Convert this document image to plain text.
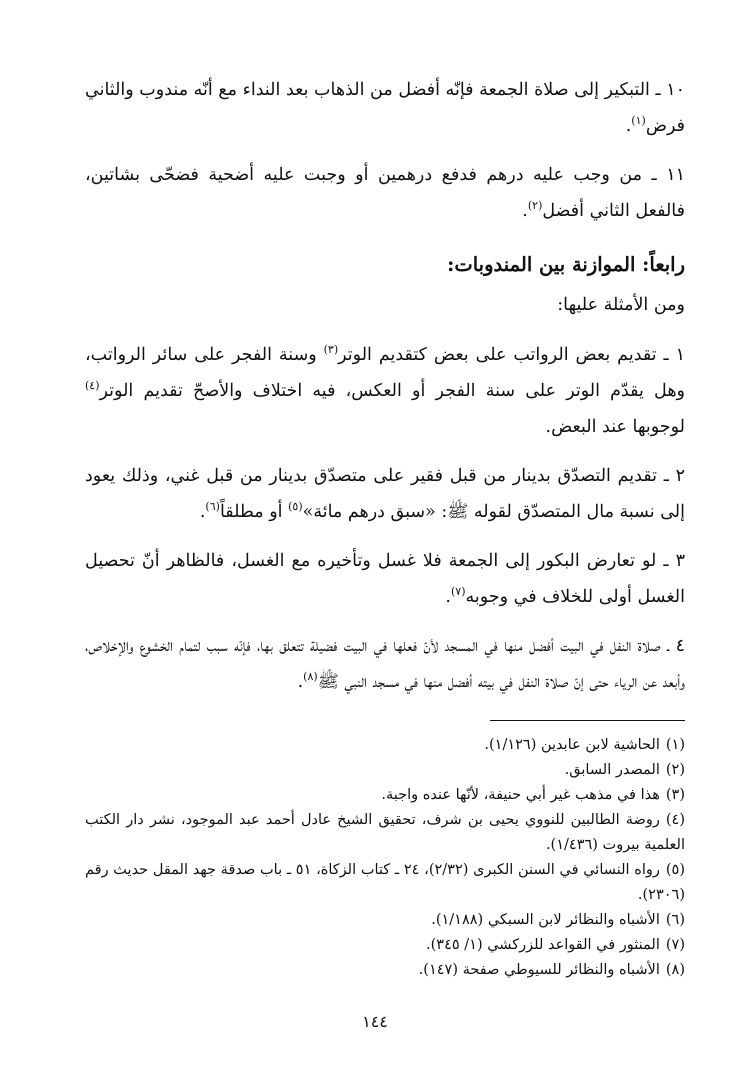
١٠ ـ التبكير إلى صلاة الجمعة فإنّه أفضل من الذهاب بعد النداء مع أنّه مندوب والثاني فرض$^{(١)}$.

١١ ـ من وجب عليه درهم فدفع درهمين أو وجبت عليه أضحية فضحّى بشاتين، فالفعل الثاني أفضل$^{(٢)}$.

رابعاً: الموازنة بين المندوبات:
ومن الأمثلة عليها:

١ ـ تقديم بعض الرواتب على بعض كتقديم الوتر$^{(٣)}$ وسنة الفجر على سائر الرواتب، وهل يقدّم الوتر على سنة الفجر أو العكس، فيه اختلاف والأصحّ تقديم الوتر$^{(٤)}$ لوجوبها عند البعض.

٢ ـ تقديم التصدّق بدينار من قبل فقير على متصدّق بدينار من قبل غني، وذلك يعود إلى نسبة مال المتصدّق لقوله ﷺ: «سبق درهم مائة»$^{(٥)}$ أو مطلقاً$^{(٦)}$.

٣ ـ لو تعارض البكور إلى الجمعة فلا غسل وتأخيره مع الغسل، فالظاهر أنّ تحصيل الغسل أولى للخلاف في وجوبه$^{(٧)}$.

٤ ـ صلاة النفل في البيت أفضل منها في المسجد لأنّ فعلها في البيت فضيلة تتعلق بها، فإنّه سبب لتمام الخشوع والإخلاص، وأبعد عن الرياء حتى إنّ صلاة النفل في بيته أفضل منها في مسجد النبي ﷺ$^{(٨)}$.

(١)الحاشية لابن عابدين (١/١٢٦).
(٢)المصدر السابق.
(٣)هذا في مذهب غير أبي حنيفة، لأنّها عنده واجبة.
(٤)روضة الطالبين للنووي يحيى بن شرف، تحقيق الشيخ عادل أحمد عبد الموجود، نشر دار الكتب العلمية بيروت (١/٤٣٦).
(٥)رواه النسائي في السنن الكبرى (٢/٣٢)، ٢٤ ـ كتاب الزكاة، ٥١ ـ باب صدقة جهد المقل حديث رقم (٢٣٠٦).
(٦)الأشباه والنظائر لابن السبكي (١/١٨٨).
(٧)المنثور في القواعد للزركشي (١/ ٣٤٥).
(٨)الأشباه والنظائر للسيوطي صفحة (١٤٧).
١٤٤
